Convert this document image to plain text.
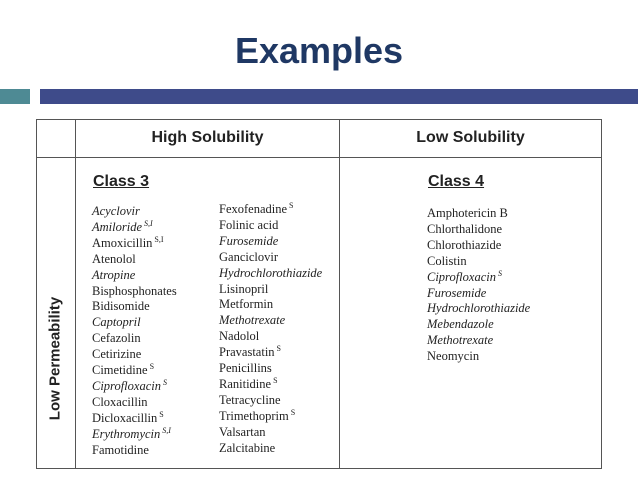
Examples
High Solubility	Low Solubility
Low Permeability
Class 3	Class 4
Acyclovir
Amiloride $^{S,I}$
Amoxicillin $^{S,I}$
Atenolol
Atropine
Bisphosphonates
Bidisomide
Captopril
Cefazolin
Cetirizine
Cimetidine $^S$
Ciprofloxacin $^S$
Cloxacillin
Dicloxacillin $^S$
Erythromycin $^{S,I}$
Famotidine
Fexofenadine $^S$
Folinic acid
Furosemide
Ganciclovir
Hydrochlorothiazide
Lisinopril
Metformin
Methotrexate
Nadolol
Pravastatin $^S$
Penicillins
Ranitidine $^S$
Tetracycline
Trimethoprim $^S$
Valsartan
Zalcitabine
Amphotericin B
Chlorthalidone
Chlorothiazide
Colistin
Ciprofloxacin $^S$
Furosemide
Hydrochlorothiazide
Mebendazole
Methotrexate
Neomycin
